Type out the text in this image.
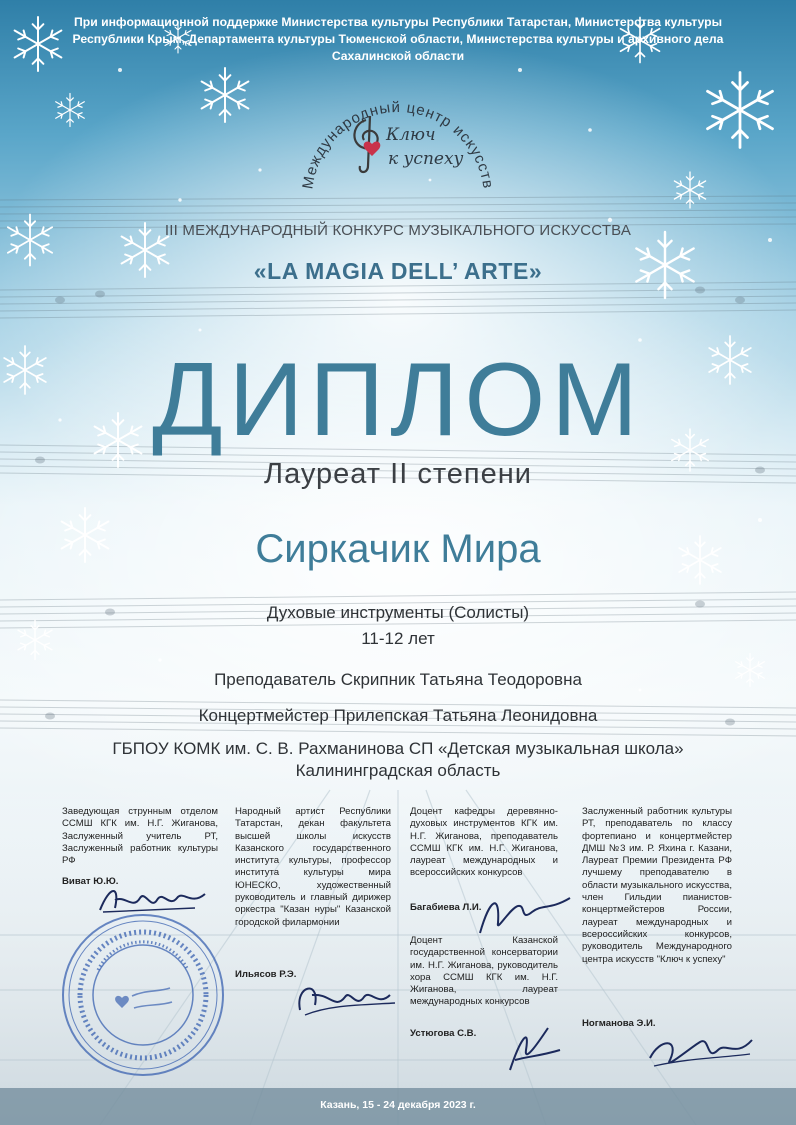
При информационной поддержке Министерства культуры Республики Татарстан, Министерства культуры Республики Крым, Департамента культуры Тюменской области, Министерства культуры и архивного дела Сахалинской области
Международный центр искусств
Ключ
к успеху
III МЕЖДУНАРОДНЫЙ КОНКУРС МУЗЫКАЛЬНОГО ИСКУССТВА
«LA MAGIA DELL’ ARTE»
ДИПЛОМ
Лауреат II степени
Сиркачик Мира
Духовые инструменты (Солисты)
11-12 лет
Преподаватель Скрипник Татьяна Теодоровна
Концертмейстер Прилепская Татьяна Леонидовна
ГБПОУ КОМК им. С. В. Рахманинова СП «Детская музыкальная школа»
Калининградская область
Заведующая струнным отделом ССМШ КГК им. Н.Г. Жиганова, Заслуженный учитель РТ, Заслуженный работник культуры РФ
Виват Ю.Ю.
Народный артист Республики Татарстан, декан факультета высшей школы искусств Казанского государственного института культуры, профессор института культуры мира ЮНЕСКО, художественный руководитель и главный дирижер оркестра "Казан нуры" Казанской городской филармонии
Ильясов Р.Э.
Доцент кафедры деревянно-духовых инструментов КГК им. Н.Г. Жиганова, преподаватель ССМШ КГК им. Н.Г. Жиганова, лауреат международных и всероссийских конкурсов
Багабиева Л.И.
Доцент Казанской государственной консерватории им. Н.Г. Жиганова, руководитель хора ССМШ КГК им. Н.Г. Жиганова, лауреат международных конкурсов
Устюгова С.В.
Заслуженный работник культуры РТ, преподаватель по классу фортепиано и концертмейстер ДМШ №3 им. Р. Яхина г. Казани, Лауреат Премии Президента РФ лучшему преподавателю в области музыкального искусства, член Гильдии пианистов-концертмейстеров России, лауреат международных и всероссийских конкурсов, руководитель Международного центра искусств "Ключ к успеху"
Ногманова Э.И.
Казань, 15 - 24 декабря 2023 г.
